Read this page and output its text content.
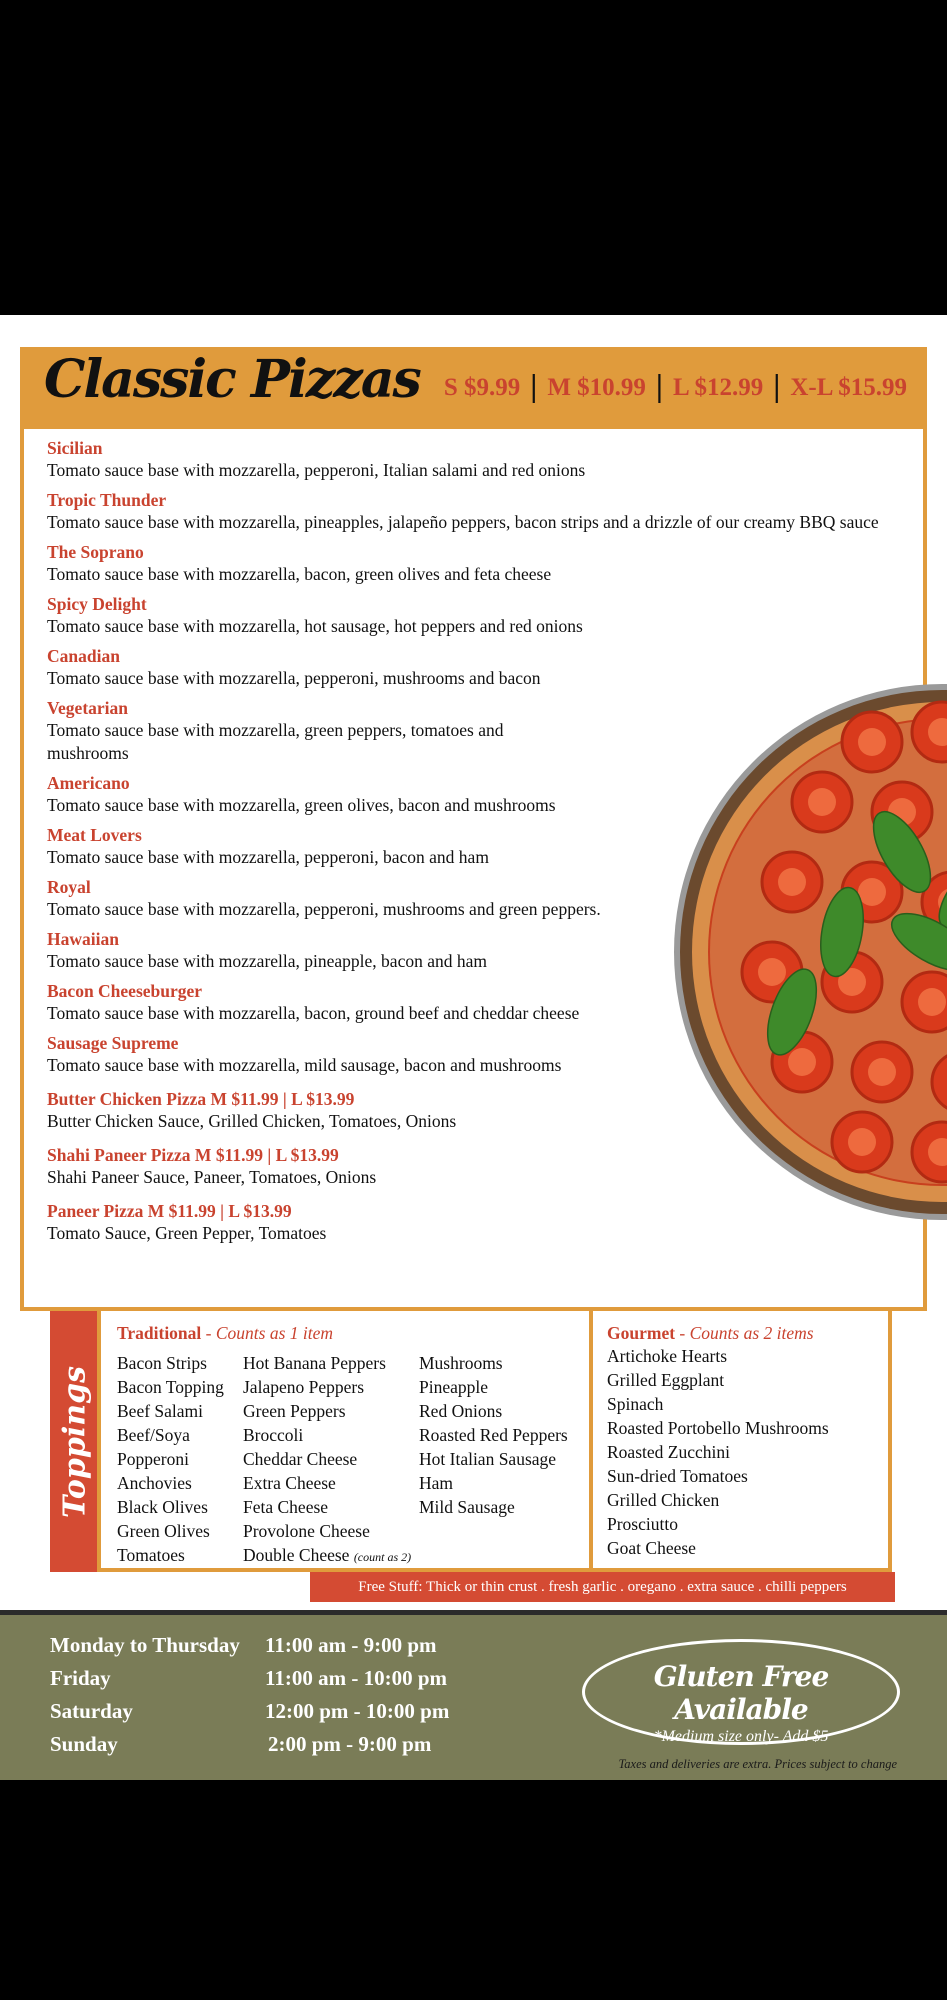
Classic Pizzas S $9.99 | M $10.99 | L $12.99 | X-L $15.99
Sicilian
Tomato sauce base with mozzarella, pepperoni, Italian salami and red onions
Tropic Thunder
Tomato sauce base with mozzarella, pineapples, jalapeño peppers, bacon strips and a drizzle of our creamy BBQ sauce
The Soprano
Tomato sauce base with mozzarella, bacon, green olives and feta cheese
Spicy Delight
Tomato sauce base with mozzarella, hot sausage, hot peppers and red onions
Canadian
Tomato sauce base with mozzarella, pepperoni, mushrooms and bacon
Vegetarian
Tomato sauce base with mozzarella, green peppers, tomatoes and mushrooms
Americano
Tomato sauce base with mozzarella, green olives, bacon and mushrooms
Meat Lovers
Tomato sauce base with mozzarella, pepperoni, bacon and ham
Royal
Tomato sauce base with mozzarella, pepperoni, mushrooms and green peppers.
Hawaiian
Tomato sauce base with mozzarella, pineapple, bacon and ham
Bacon Cheeseburger
Tomato sauce base with mozzarella, bacon, ground beef and cheddar cheese
Sausage Supreme
Tomato sauce base with mozzarella, mild sausage, bacon and mushrooms
Butter Chicken Pizza M $11.99 | L $13.99
Butter Chicken Sauce, Grilled Chicken, Tomatoes, Onions
Shahi Paneer Pizza M $11.99 | L $13.99
Shahi Paneer Sauce, Paneer, Tomatoes, Onions
Paneer Pizza M $11.99 | L $13.99
Tomato Sauce, Green Pepper, Tomatoes
Toppings
Traditional - Counts as 1 item
Bacon Strips
Bacon Topping
Beef Salami
Beef/Soya
Popperoni
Anchovies
Black Olives
Green Olives
Tomatoes
Hot Banana Peppers
Jalapeno Peppers
Green Peppers
Broccoli
Cheddar Cheese
Extra Cheese
Feta Cheese
Provolone Cheese
Double Cheese (count as 2)
Mushrooms
Pineapple
Red Onions
Roasted Red Peppers
Hot Italian Sausage
Ham
Mild Sausage
Gourmet - Counts as 2 items
Artichoke Hearts
Grilled Eggplant
Spinach
Roasted Portobello Mushrooms
Roasted Zucchini
Sun-dried Tomatoes
Grilled Chicken
Prosciutto
Goat Cheese
Free Stuff: Thick or thin crust . fresh garlic . oregano . extra sauce . chilli peppers
Monday to Thursday 11:00 am - 9:00 pm
Friday	11:00 am - 10:00 pm
Saturday	12:00 pm - 10:00 pm
Sunday	2:00 pm - 9:00 pm
Gluten Free Available
*Medium size only- Add $5
Taxes and deliveries are extra. Prices subject to change
